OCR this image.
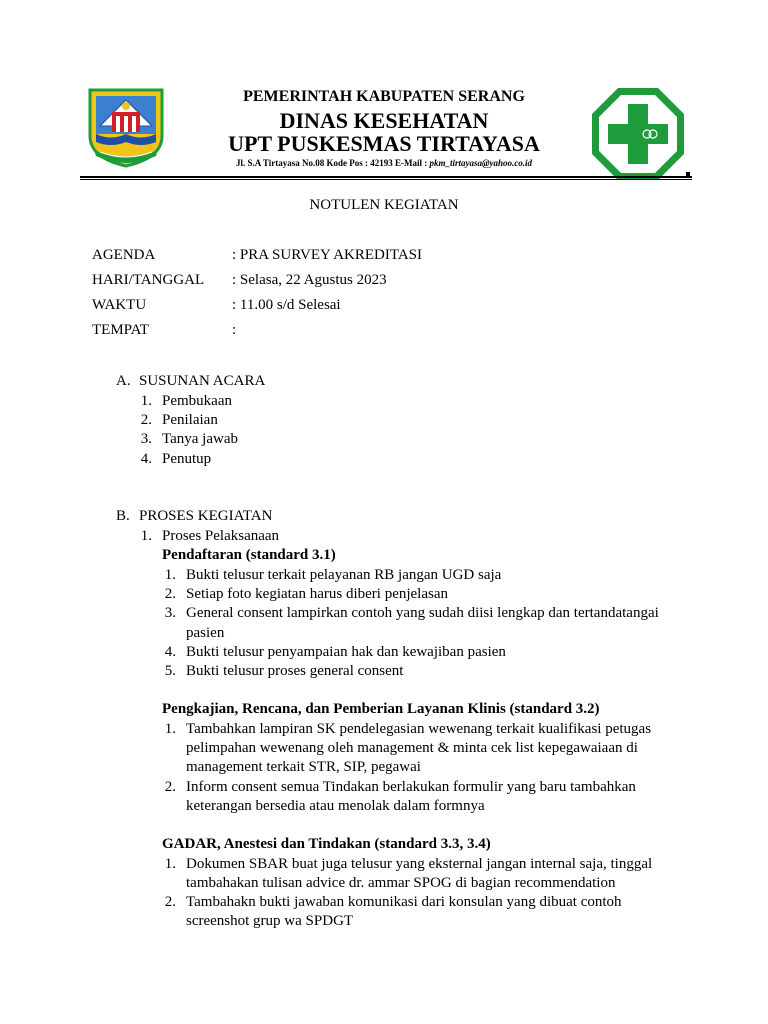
PEMERINTAH KABUPATEN SERANG
DINAS KESEHATAN
UPT PUSKESMAS TIRTAYASA
Jl. S.A Tirtayasa No.08 Kode Pos : 42193 E-Mail : pkm_tirtayasa@yahoo.co.id
NOTULEN KEGIATAN
AGENDA	: PRA SURVEY AKREDITASI
HARI/TANGGAL : Selasa, 22 Agustus 2023
WAKTU	: 11.00 s/d Selesai
TEMPAT	:
A. SUSUNAN ACARA
1. Pembukaan
2. Penilaian
3. Tanya jawab
4. Penutup
B. PROSES KEGIATAN
1. Proses Pelaksanaan
Pendaftaran (standard 3.1)
1. Bukti telusur terkait pelayanan RB jangan UGD saja
2. Setiap foto kegiatan harus diberi penjelasan
3. General consent lampirkan contoh yang sudah diisi lengkap dan tertandatangai
pasien
4. Bukti telusur penyampaian hak dan kewajiban pasien
5. Bukti telusur proses general consent
Pengkajian, Rencana, dan Pemberian Layanan Klinis (standard 3.2)
1. Tambahkan lampiran SK pendelegasian wewenang terkait kualifikasi petugas
pelimpahan wewenang oleh management & minta cek list kepegawaiaan di
management terkait STR, SIP, pegawai
2. Inform consent semua Tindakan berlakukan formulir yang baru tambahkan
keterangan bersedia atau menolak dalam formnya
GADAR, Anestesi dan Tindakan (standard 3.3, 3.4)
1. Dokumen SBAR buat juga telusur yang eksternal jangan internal saja, tinggal
tambahakan tulisan advice dr. ammar SPOG di bagian recommendation
2. Tambahakn bukti jawaban komunikasi dari konsulan yang dibuat contoh
screenshot grup wa SPDGT
